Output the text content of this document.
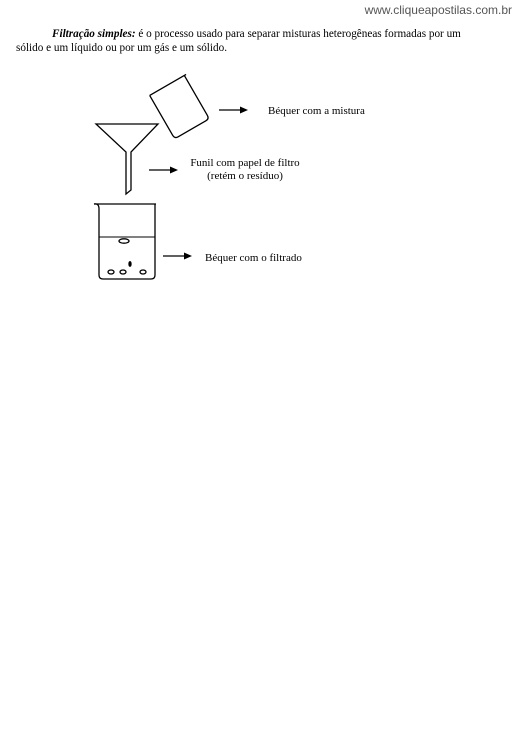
www.cliqueapostilas.com.br

Filtração simples: é o processo usado para separar misturas heterogêneas formadas por um sólido e um líquido ou por um gás e um sólido.

Béquer com a mistura
Funil com papel de filtro
(retém o resíduo)
Béquer com o filtrado
